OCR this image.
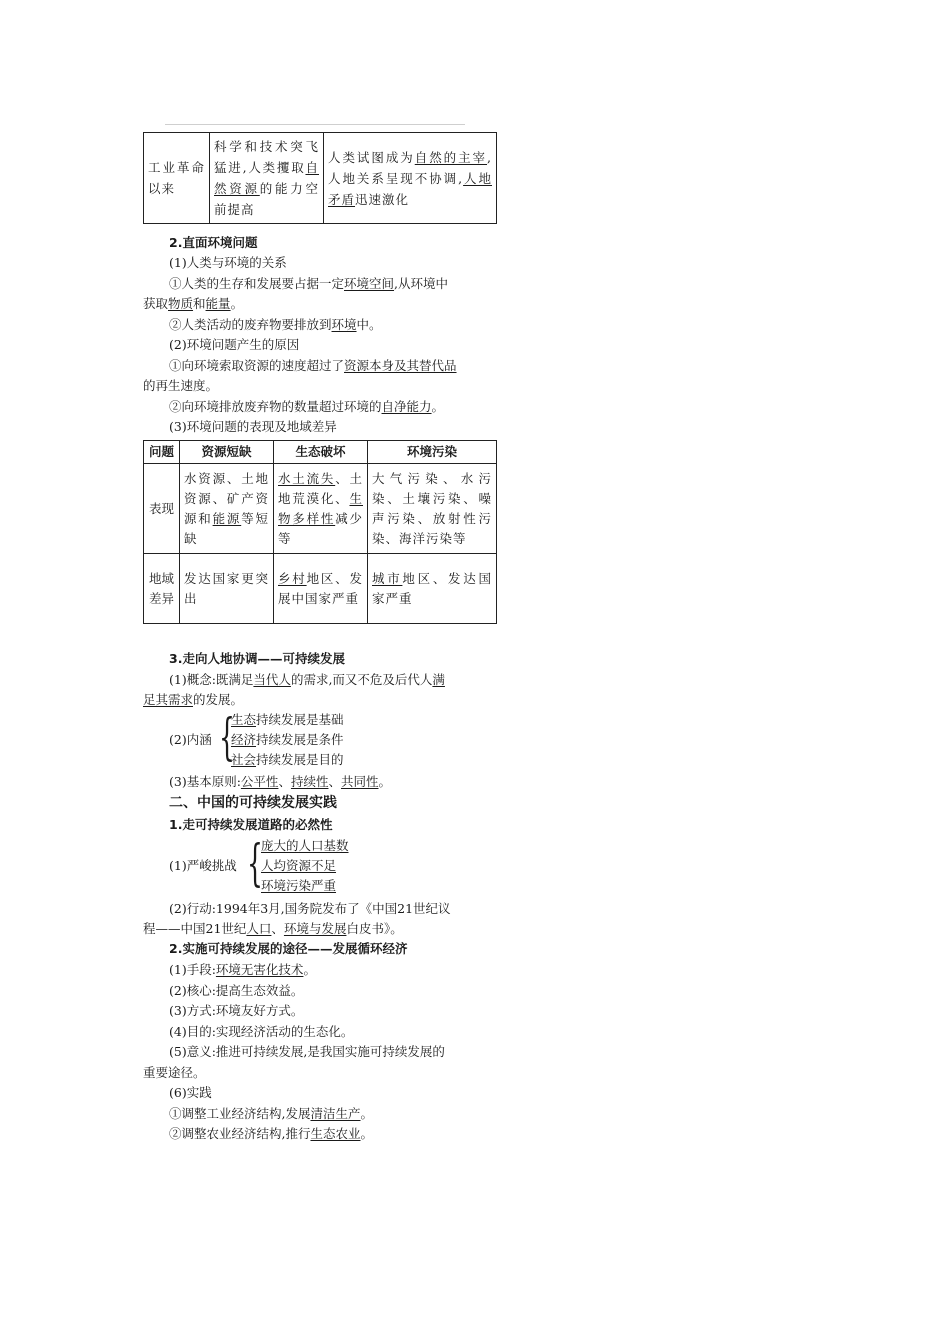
工业革命以来	科学和技术突飞猛进,人类攫取自然资源的能力空前提高	人类试图成为自然的主宰,人地关系呈现不协调,人地矛盾迅速激化
2.直面环境问题
(1)人类与环境的关系
①人类的生存和发展要占据一定环境空间,从环境中
获取物质和能量。
②人类活动的废弃物要排放到环境中。
(2)环境问题产生的原因
①向环境索取资源的速度超过了资源本身及其替代品
的再生速度。
②向环境排放废弃物的数量超过环境的自净能力。
(3)环境问题的表现及地域差异
问题	资源短缺	生态破坏	环境污染
表现	水资源、土地资源、矿产资源和能源等短缺	水土流失、土地荒漠化、生物多样性减少等	大气污染、水污染、土壤污染、噪声污染、放射性污染、海洋污染等
地域差异	发达国家更突出	乡村地区、发展中国家严重	城市地区、发达国家严重
3.走向人地协调——可持续发展
(1)概念:既满足当代人的需求,而又不危及后代人满
足其需求的发展。
(2)内涵 {
生态持续发展是基础
经济持续发展是条件
社会持续发展是目的
(3)基本原则:公平性、持续性、共同性。
二、中国的可持续发展实践
1.走可持续发展道路的必然性
(1)严峻挑战 {
庞大的人口基数
人均资源不足
环境污染严重
(2)行动:1994年3月,国务院发布了《中国21世纪议
程——中国21世纪人口、环境与发展白皮书》。
2.实施可持续发展的途径——发展循环经济
(1)手段:环境无害化技术。
(2)核心:提高生态效益。
(3)方式:环境友好方式。
(4)目的:实现经济活动的生态化。
(5)意义:推进可持续发展,是我国实施可持续发展的
重要途径。
(6)实践
①调整工业经济结构,发展清洁生产。
②调整农业经济结构,推行生态农业。
